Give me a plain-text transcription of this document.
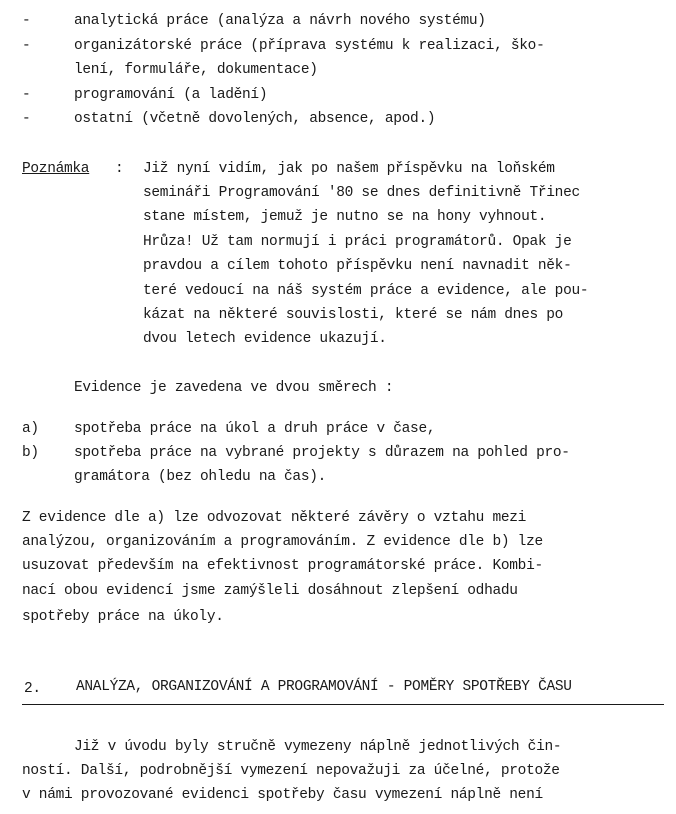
-	analytická práce (analýza a návrh nového systému)
-	organizátorské práce (příprava systému k realizaci, ško-
lení, formuláře, dokumentace)
-	programování (a ladění)
-	ostatní (včetně dovolených, absence, apod.)
Poznámka : Již nyní vidím, jak po našem příspěvku na loňském
semináři Programování '80 se dnes definitivně Třinec
stane místem, jemuž je nutno se na hony vyhnout.
Hrůza! Už tam normují i práci programátorů. Opak je
pravdou a cílem tohoto příspěvku není navnadit něk-
teré vedoucí na náš systém práce a evidence, ale pou-
kázat na některé souvislosti, které se nám dnes po
dvou letech evidence ukazují.
Evidence je zavedena ve dvou směrech :
a) spotřeba práce na úkol a druh práce v čase,
b) spotřeba práce na vybrané projekty s důrazem na pohled pro-
gramátora (bez ohledu na čas).
Z evidence dle a) lze odvozovat některé závěry o vztahu mezi
analýzou, organizováním a programováním. Z evidence dle b) lze
usuzovat především na efektivnost programátorské práce. Kombi-
nací obou evidencí jsme zamýšleli dosáhnout zlepšení odhadu
spotřeby práce na úkoly.
2. ANALÝZA, ORGANIZOVÁNÍ A PROGRAMOVÁNÍ - POMĚRY SPOTŘEBY ČASU
Již v úvodu byly stručně vymezeny náplně jednotlivých čin-
ností. Další, podrobnější vymezení nepovažuji za účelné, protože
v námi provozované evidenci spotřeby času vymezení náplně není
